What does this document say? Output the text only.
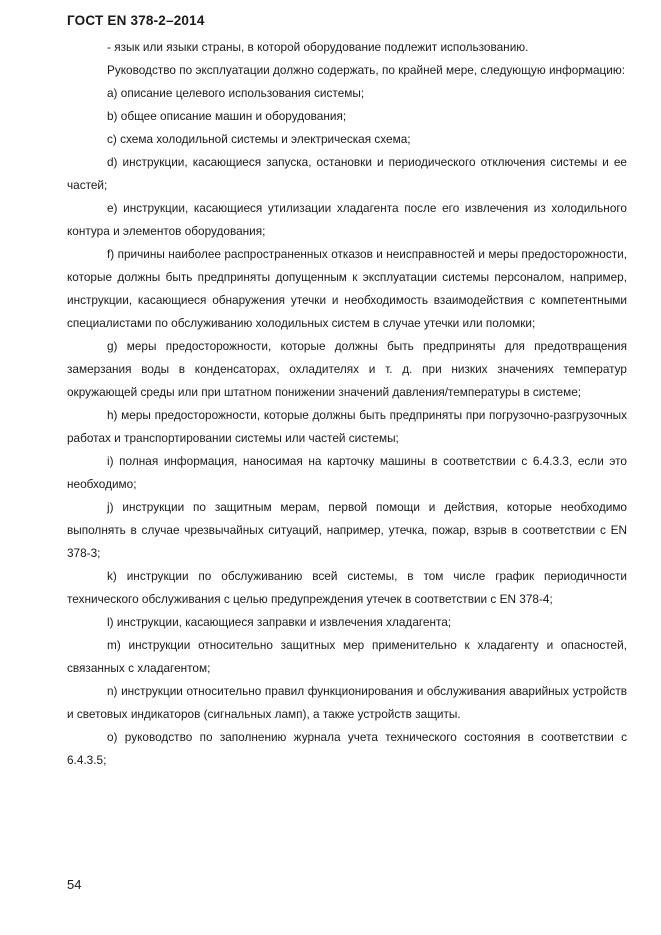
ГОСТ EN 378-2–2014

- язык или языки страны, в которой оборудование подлежит использованию.

Руководство по эксплуатации должно содержать, по крайней мере, следующую информацию:

a) описание целевого использования системы;

b) общее описание машин и оборудования;

c) схема холодильной системы и электрическая схема;

d) инструкции, касающиеся запуска, остановки и периодического отключения системы и ее частей;

e) инструкции, касающиеся утилизации хладагента после его извлечения из холодильного контура и элементов оборудования;

f) причины наиболее распространенных отказов и неисправностей и меры предосторожности, которые должны быть предприняты допущенным к эксплуатации системы персоналом, например, инструкции, касающиеся обнаружения утечки и необходимость взаимодействия с компетентными специалистами по обслуживанию холодильных систем в случае утечки или поломки;

g) меры предосторожности, которые должны быть предприняты для предотвращения замерзания воды в конденсаторах, охладителях и т. д. при низких значениях температур окружающей среды или при штатном понижении значений давления/температуры в системе;

h) меры предосторожности, которые должны быть предприняты при погрузочно-разгрузочных работах и транспортировании системы или частей системы;

i) полная информация, наносимая на карточку машины в соответствии с 6.4.3.3, если это необходимо;

j) инструкции по защитным мерам, первой помощи и действия, которые необходимо выполнять в случае чрезвычайных ситуаций, например, утечка, пожар, взрыв в соответствии с EN 378-3;

k) инструкции по обслуживанию всей системы, в том числе график периодичности технического обслуживания с целью предупреждения утечек в соответствии с EN 378-4;

l) инструкции, касающиеся заправки и извлечения хладагента;

m) инструкции относительно защитных мер применительно к хладагенту и опасностей, связанных с хладагентом;

n) инструкции относительно правил функционирования и обслуживания аварийных устройств и световых индикаторов (сигнальных ламп), а также устройств защиты.

o) руководство по заполнению журнала учета технического состояния в соответствии с 6.4.3.5;

54
